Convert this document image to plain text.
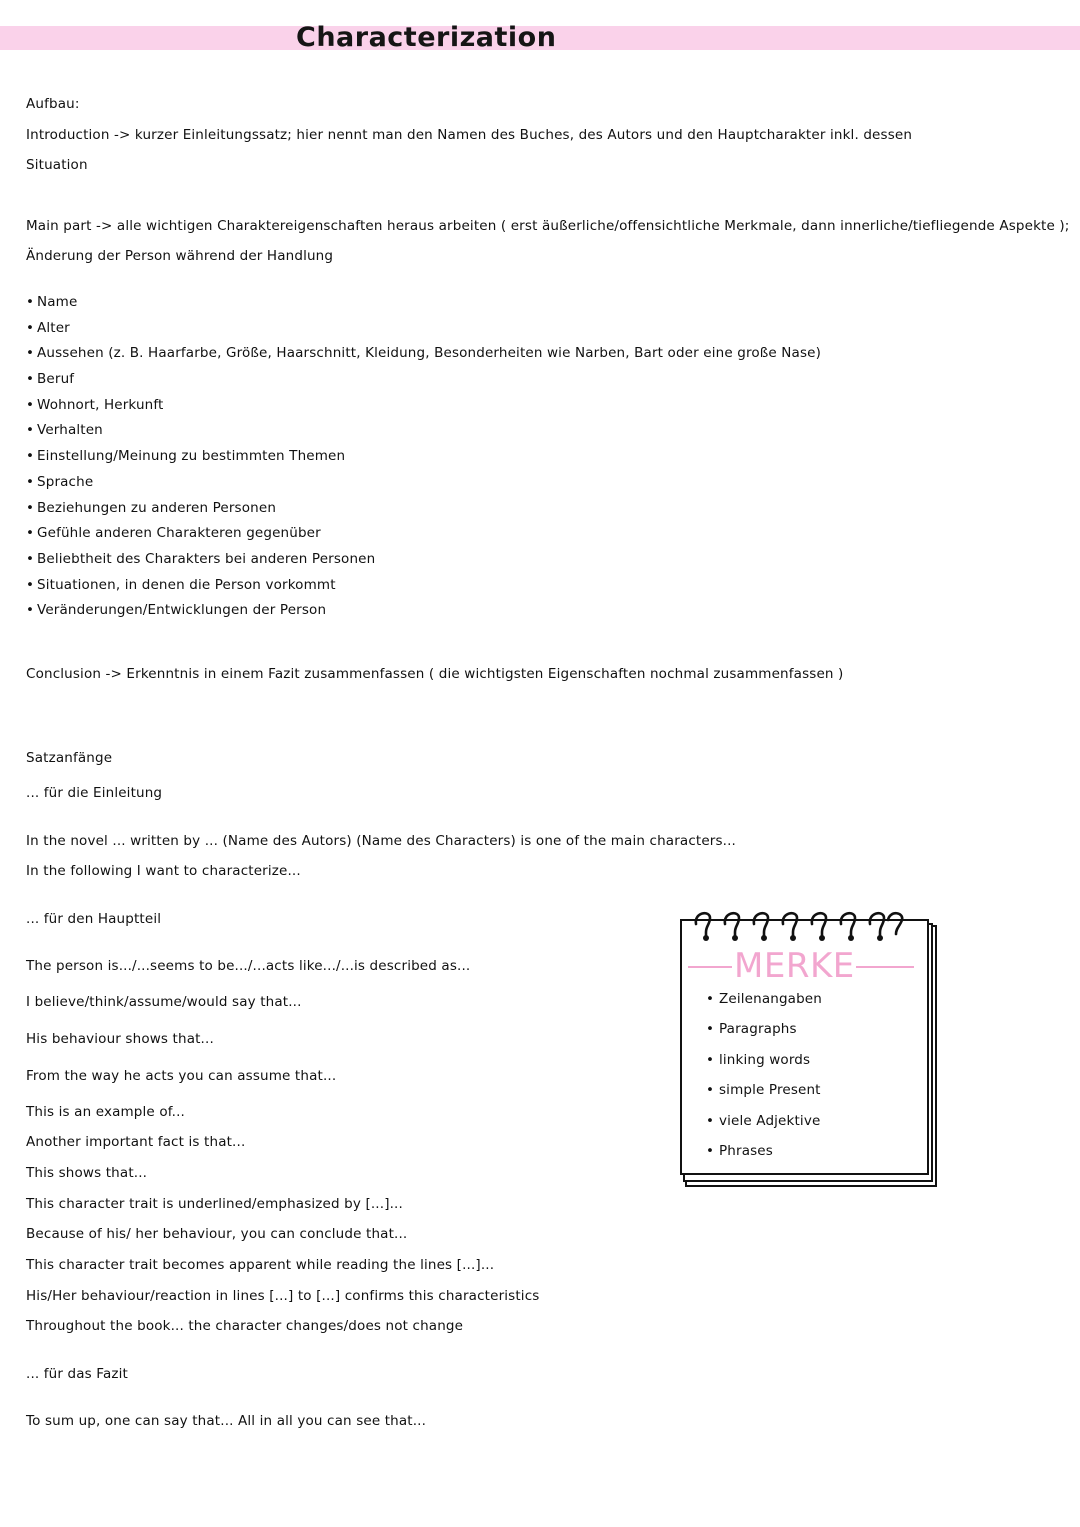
Characterization
Aufbau:
Introduction -> kurzer Einleitungssatz; hier nennt man den Namen des Buches, des Autors und den Hauptcharakter inkl. dessen
Situation
Main part -> alle wichtigen Charaktereigenschaften heraus arbeiten ( erst äußerliche/offensichtliche Merkmale, dann innerliche/tiefliegende Aspekte );
Änderung der Person während der Handlung
• Name
• Alter
• Aussehen (z. B. Haarfarbe, Größe, Haarschnitt, Kleidung, Besonderheiten wie Narben, Bart oder eine große Nase)
• Beruf
• Wohnort, Herkunft
• Verhalten
• Einstellung/Meinung zu bestimmten Themen
• Sprache
• Beziehungen zu anderen Personen
• Gefühle anderen Charakteren gegenüber
• Beliebtheit des Charakters bei anderen Personen
• Situationen, in denen die Person vorkommt
• Veränderungen/Entwicklungen der Person
Conclusion -> Erkenntnis in einem Fazit zusammenfassen ( die wichtigsten Eigenschaften nochmal zusammenfassen )
Satzanfänge
... für die Einleitung
In the novel ... written by ... (Name des Autors) (Name des Characters) is one of the main characters...
In the following I want to characterize...
... für den Hauptteil
The person is.../...seems to be.../...acts like.../...is described as...
I believe/think/assume/would say that...
His behaviour shows that...
From the way he acts you can assume that...
This is an example of...
Another important fact is that...
This shows that...
This character trait is underlined/emphasized by [...]...
Because of his/ her behaviour, you can conclude that...
This character trait becomes apparent while reading the lines [...]...
His/Her behaviour/reaction in lines [...] to [...] confirms this characteristics
Throughout the book... the character changes/does not change
... für das Fazit
To sum up, one can say that... All in all you can see that...
MERKE
• Zeilenangaben
• Paragraphs
• linking words
• simple Present
• viele Adjektive
• Phrases
